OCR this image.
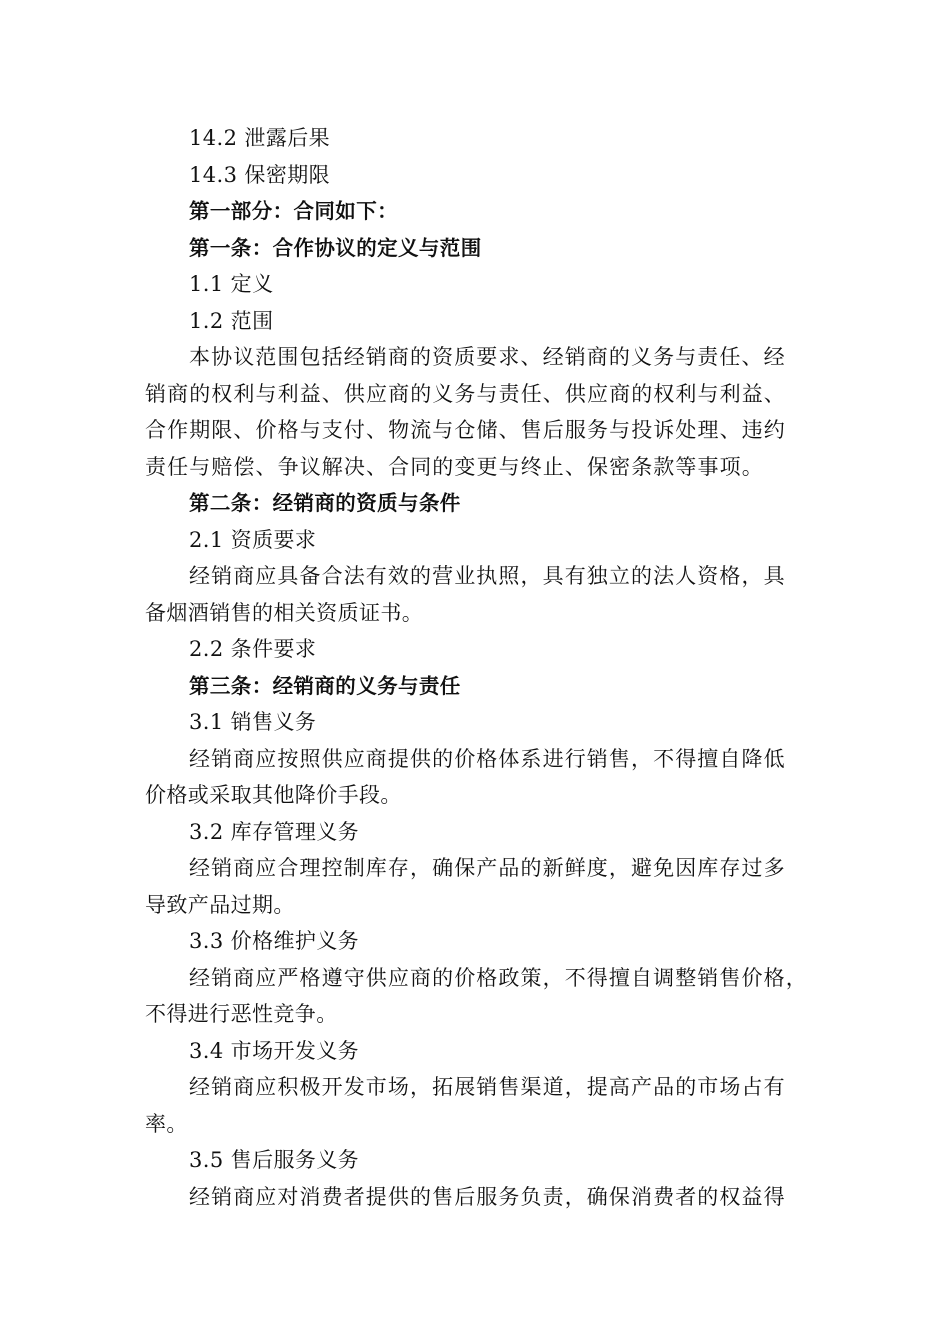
14.2 泄露后果
14.3 保密期限
第一部分：合同如下：
第一条：合作协议的定义与范围
1.1 定义
1.2 范围
本协议范围包括经销商的资质要求、经销商的义务与责任、经
销商的权利与利益、供应商的义务与责任、供应商的权利与利益、
合作期限、价格与支付、物流与仓储、售后服务与投诉处理、违约
责任与赔偿、争议解决、合同的变更与终止、保密条款等事项。
第二条：经销商的资质与条件
2.1 资质要求
经销商应具备合法有效的营业执照，具有独立的法人资格，具
备烟酒销售的相关资质证书。
2.2 条件要求
第三条：经销商的义务与责任
3.1 销售义务
经销商应按照供应商提供的价格体系进行销售，不得擅自降低
价格或采取其他降价手段。
3.2 库存管理义务
经销商应合理控制库存，确保产品的新鲜度，避免因库存过多
导致产品过期。
3.3 价格维护义务
经销商应严格遵守供应商的价格政策，不得擅自调整销售价格，
不得进行恶性竞争。
3.4 市场开发义务
经销商应积极开发市场，拓展销售渠道，提高产品的市场占有
率。
3.5 售后服务义务
经销商应对消费者提供的售后服务负责，确保消费者的权益得
